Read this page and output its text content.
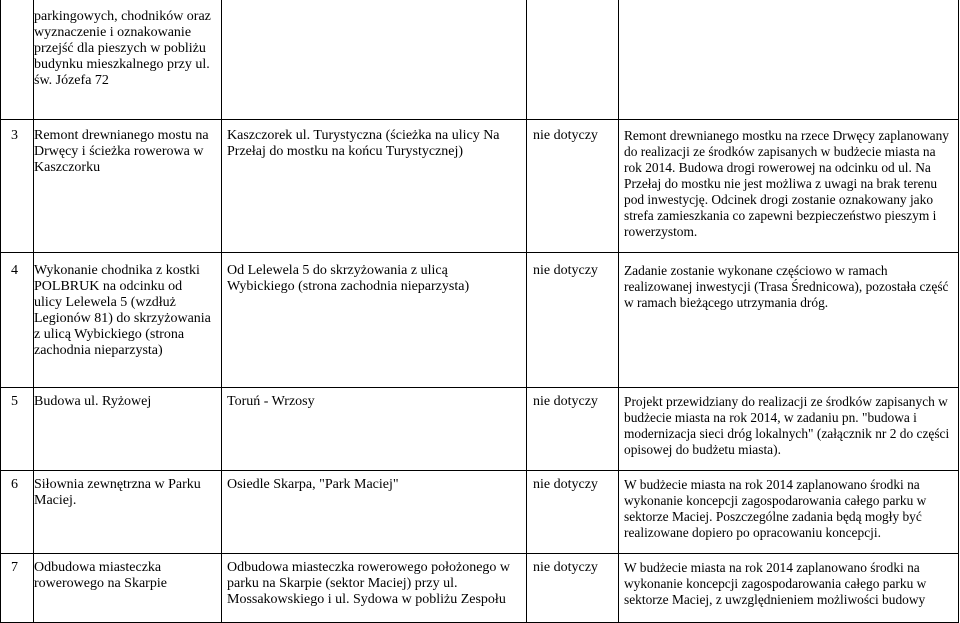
	parkingowych, chodników oraz wyznaczenie i oznakowanie przejść dla pieszych w pobliżu budynku mieszkalnego przy ul. św. Józefa 72			

3	Remont drewnianego mostu na Drwęcy i ścieżka rowerowa w Kaszczorku	Kaszczorek ul. Turystyczna (ścieżka na ulicy Na Przełaj do mostku na końcu Turystycznej)	nie dotyczy	Remont drewnianego mostku na rzece Drwęcy zaplanowany do realizacji ze środków zapisanych w budżecie miasta na rok 2014. Budowa drogi rowerowej na odcinku od ul. Na Przełaj do mostku nie jest możliwa z uwagi na brak terenu pod inwestycję. Odcinek drogi zostanie oznakowany jako strefa zamieszkania co zapewni bezpieczeństwo pieszym i rowerzystom.
4	Wykonanie chodnika z kostki POLBRUK na odcinku od ulicy Lelewela 5 (wzdłuż Legionów 81) do skrzyżowania z ulicą Wybickiego (strona zachodnia nieparzysta)	Od Lelewela 5 do skrzyżowania z ulicą Wybickiego (strona zachodnia nieparzysta)	nie dotyczy	Zadanie zostanie wykonane częściowo w ramach realizowanej inwestycji (Trasa Średnicowa), pozostała część w ramach bieżącego utrzymania dróg.
5	Budowa ul. Ryżowej	Toruń - Wrzosy	nie dotyczy	Projekt przewidziany do realizacji ze środków zapisanych w budżecie miasta na rok 2014, w zadaniu pn. "budowa i modernizacja sieci dróg lokalnych" (załącznik nr 2 do części opisowej do budżetu miasta).
6	Siłownia zewnętrzna w Parku Maciej.	Osiedle Skarpa, "Park Maciej"	nie dotyczy	W budżecie miasta na rok 2014 zaplanowano środki na wykonanie koncepcji zagospodarowania całego parku w sektorze Maciej. Poszczególne zadania będą mogły być realizowane dopiero po opracowaniu koncepcji.
7	Odbudowa miasteczka rowerowego na Skarpie	Odbudowa miasteczka rowerowego położonego w parku na Skarpie (sektor Maciej) przy ul. Mossakowskiego i ul. Sydowa w pobliżu Zespołu	nie dotyczy	W budżecie miasta na rok 2014 zaplanowano środki na wykonanie koncepcji zagospodarowania całego parku w sektorze Maciej, z uwzględnieniem możliwości budowy
